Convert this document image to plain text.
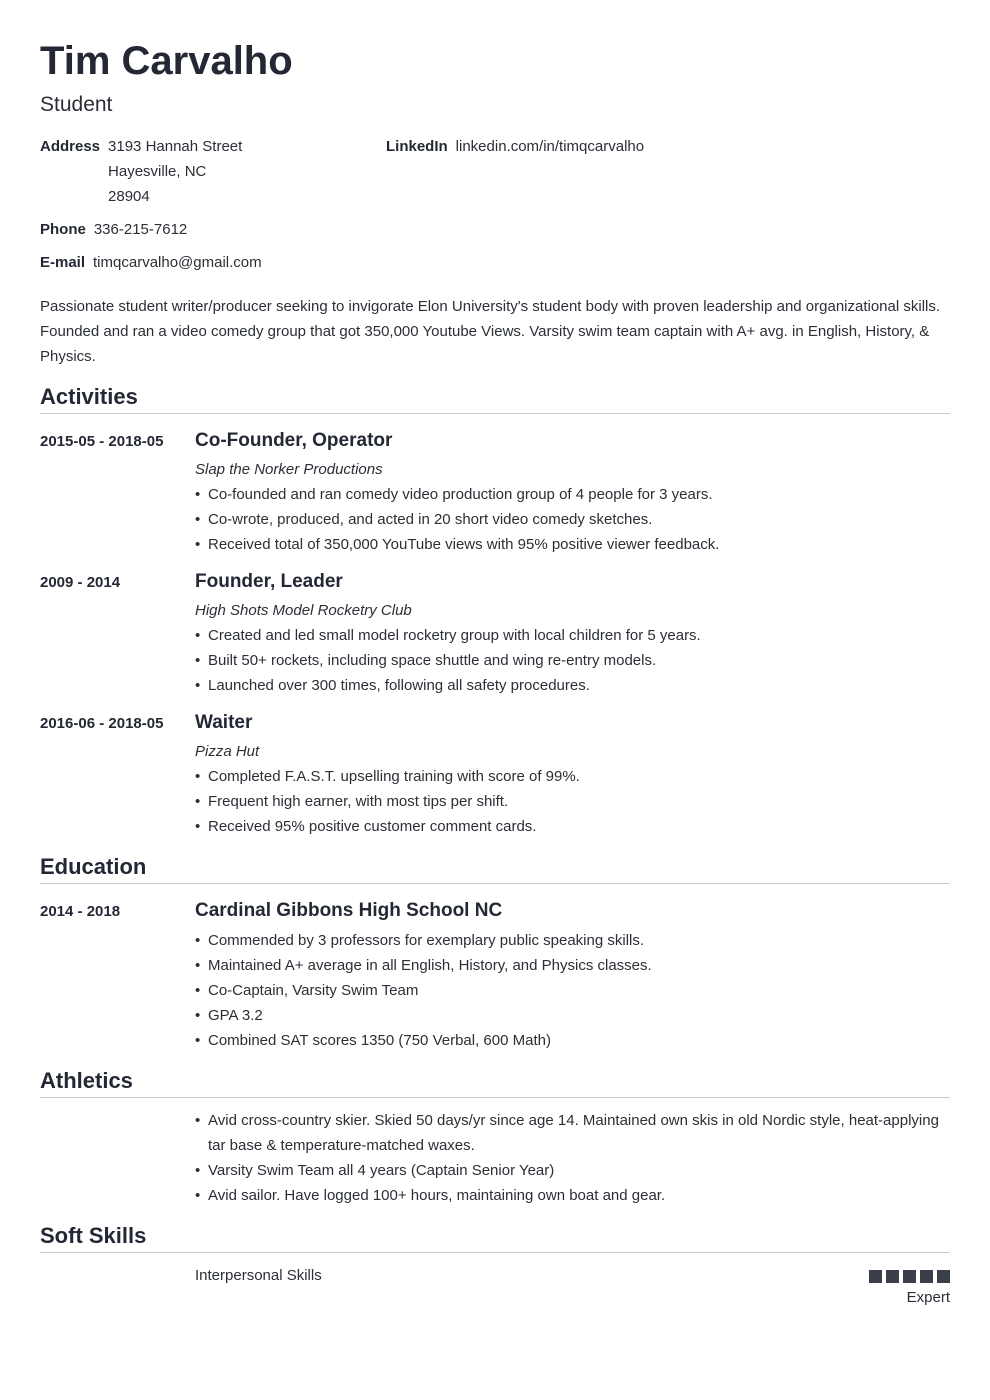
Tim Carvalho
Student
Address 3193 Hannah Street
Hayesville, NC
28904
LinkedIn linkedin.com/in/timqcarvalho
Phone 336-215-7612
E-mail timqcarvalho@gmail.com
Passionate student writer/producer seeking to invigorate Elon University's student body with proven leadership and organizational skills. Founded and ran a video comedy group that got 350,000 Youtube Views. Varsity swim team captain with A+ avg. in English, History, & Physics.
Activities
2015-05 - 2018-05	Co-Founder, Operator
Slap the Norker Productions
• Co-founded and ran comedy video production group of 4 people for 3 years.
• Co-wrote, produced, and acted in 20 short video comedy sketches.
• Received total of 350,000 YouTube views with 95% positive viewer feedback.
2009 - 2014	Founder, Leader
High Shots Model Rocketry Club
• Created and led small model rocketry group with local children for 5 years.
• Built 50+ rockets, including space shuttle and wing re-entry models.
• Launched over 300 times, following all safety procedures.
2016-06 - 2018-05	Waiter
Pizza Hut
• Completed F.A.S.T. upselling training with score of 99%.
• Frequent high earner, with most tips per shift.
• Received 95% positive customer comment cards.
Education
2014 - 2018	Cardinal Gibbons High School NC
• Commended by 3 professors for exemplary public speaking skills.
• Maintained A+ average in all English, History, and Physics classes.
• Co-Captain, Varsity Swim Team
• GPA 3.2
• Combined SAT scores 1350 (750 Verbal, 600 Math)
Athletics
• Avid cross-country skier. Skied 50 days/yr since age 14. Maintained own skis in old Nordic style, heat-applying tar base & temperature-matched waxes.
• Varsity Swim Team all 4 years (Captain Senior Year)
• Avid sailor. Have logged 100+ hours, maintaining own boat and gear.
Soft Skills
Interpersonal Skills
Expert
